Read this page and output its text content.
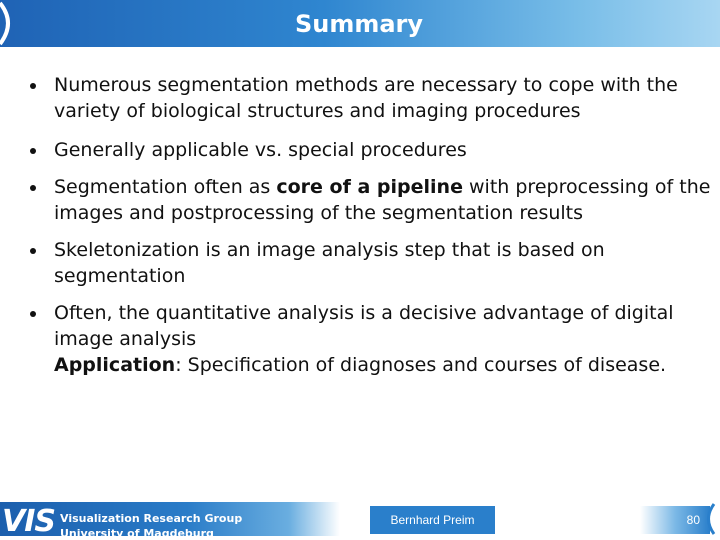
Summary
Numerous segmentation methods are necessary to cope with the variety of biological structures and imaging procedures
Generally applicable vs. special procedures
Segmentation often as core of a pipeline with preprocessing of the images and postprocessing of the segmentation results
Skeletonization is an image analysis step that is based on segmentation
Often, the quantitative analysis is a decisive advantage of digital image analysis
Application: Specification of diagnoses and courses of disease.
VIS Visualization Research Group
University of Magdeburg
Bernhard Preim	80
